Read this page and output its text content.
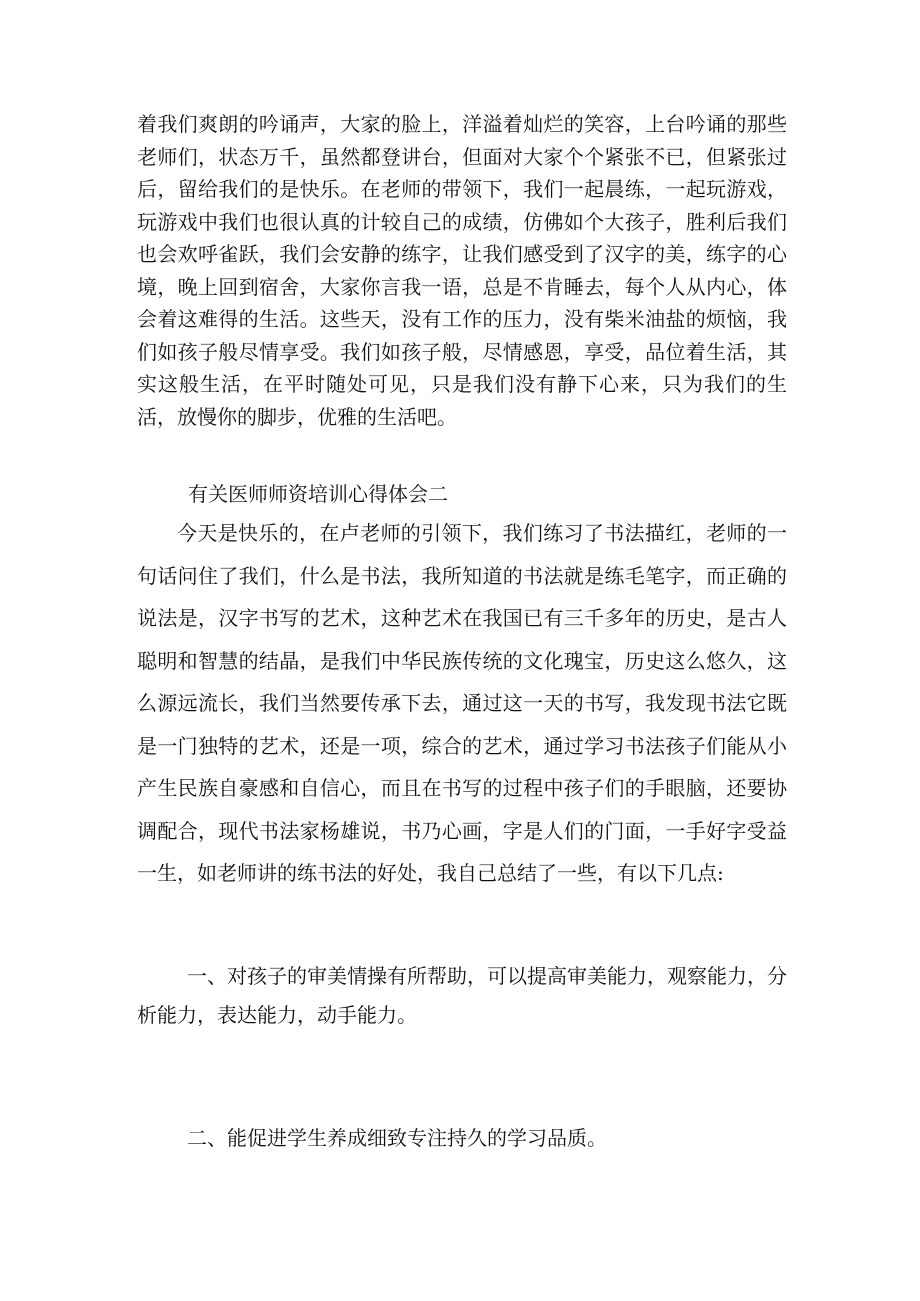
着我们爽朗的吟诵声，大家的脸上，洋溢着灿烂的笑容，上台吟诵的那些老师们，状态万千，虽然都登讲台，但面对大家个个紧张不已，但紧张过后，留给我们的是快乐。在老师的带领下，我们一起晨练，一起玩游戏，玩游戏中我们也很认真的计较自己的成绩，仿佛如个大孩子，胜利后我们也会欢呼雀跃，我们会安静的练字，让我们感受到了汉字的美，练字的心境，晚上回到宿舍，大家你言我一语，总是不肯睡去，每个人从内心，体会着这难得的生活。这些天，没有工作的压力，没有柴米油盐的烦恼，我们如孩子般尽情享受。我们如孩子般，尽情感恩，享受，品位着生活，其实这般生活，在平时随处可见，只是我们没有静下心来，只为我们的生活，放慢你的脚步，优雅的生活吧。

有关医师师资培训心得体会二

今天是快乐的，在卢老师的引领下，我们练习了书法描红，老师的一句话问住了我们，什么是书法，我所知道的书法就是练毛笔字，而正确的说法是，汉字书写的艺术，这种艺术在我国已有三千多年的历史，是古人聪明和智慧的结晶，是我们中华民族传统的文化瑰宝，历史这么悠久，这么源远流长，我们当然要传承下去，通过这一天的书写，我发现书法它既是一门独特的艺术，还是一项，综合的艺术，通过学习书法孩子们能从小产生民族自豪感和自信心，而且在书写的过程中孩子们的手眼脑，还要协调配合，现代书法家杨雄说，书乃心画，字是人们的门面，一手好字受益一生，如老师讲的练书法的好处，我自己总结了一些，有以下几点:

一、对孩子的审美情操有所帮助，可以提高审美能力，观察能力，分析能力，表达能力，动手能力。

二、能促进学生养成细致专注持久的学习品质。
